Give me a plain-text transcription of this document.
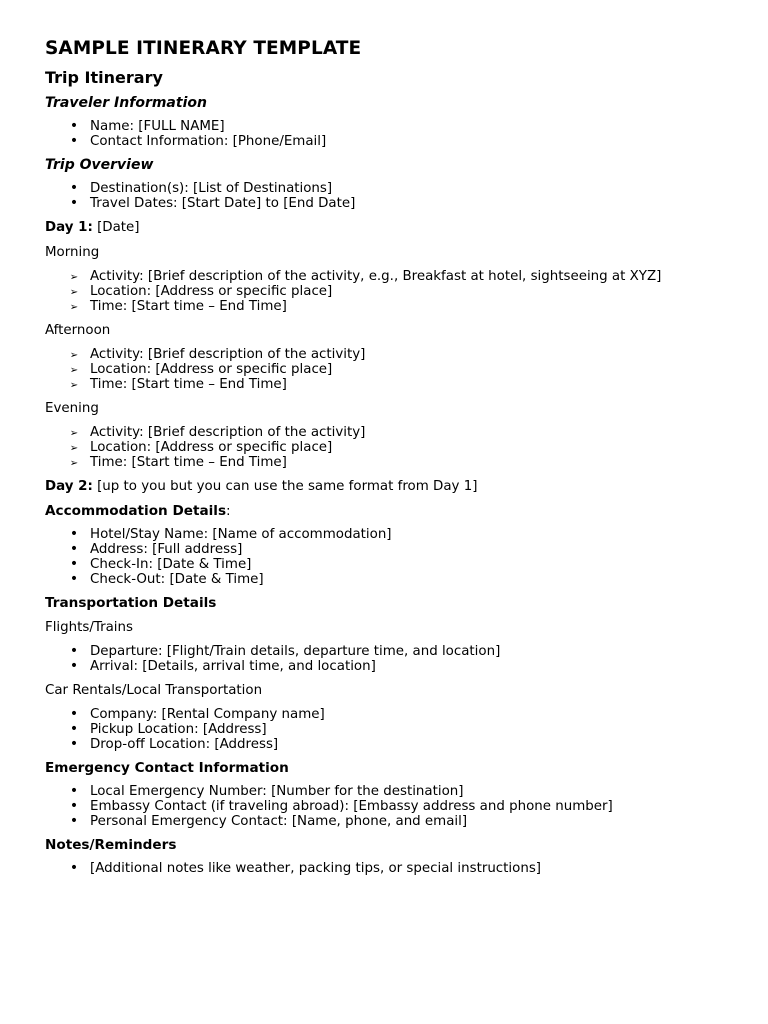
SAMPLE ITINERARY TEMPLATE
Trip Itinerary
Traveler Information
• Name: [FULL NAME]
• Contact Information: [Phone/Email]
Trip Overview
• Destination(s): [List of Destinations]
• Travel Dates: [Start Date] to [End Date]
Day 1: [Date]
Morning
➢ Activity: [Brief description of the activity, e.g., Breakfast at hotel, sightseeing at XYZ]
➢ Location: [Address or specific place]
➢ Time: [Start time – End Time]
Afternoon
➢ Activity: [Brief description of the activity]
➢ Location: [Address or specific place]
➢ Time: [Start time – End Time]
Evening
➢ Activity: [Brief description of the activity]
➢ Location: [Address or specific place]
➢ Time: [Start time – End Time]
Day 2: [up to you but you can use the same format from Day 1]
Accommodation Details:
• Hotel/Stay Name: [Name of accommodation]
• Address: [Full address]
• Check-In: [Date & Time]
• Check-Out: [Date & Time]
Transportation Details
Flights/Trains
• Departure: [Flight/Train details, departure time, and location]
• Arrival: [Details, arrival time, and location]
Car Rentals/Local Transportation
• Company: [Rental Company name]
• Pickup Location: [Address]
• Drop-off Location: [Address]
Emergency Contact Information
• Local Emergency Number: [Number for the destination]
• Embassy Contact (if traveling abroad): [Embassy address and phone number]
• Personal Emergency Contact: [Name, phone, and email]
Notes/Reminders
• [Additional notes like weather, packing tips, or special instructions]
